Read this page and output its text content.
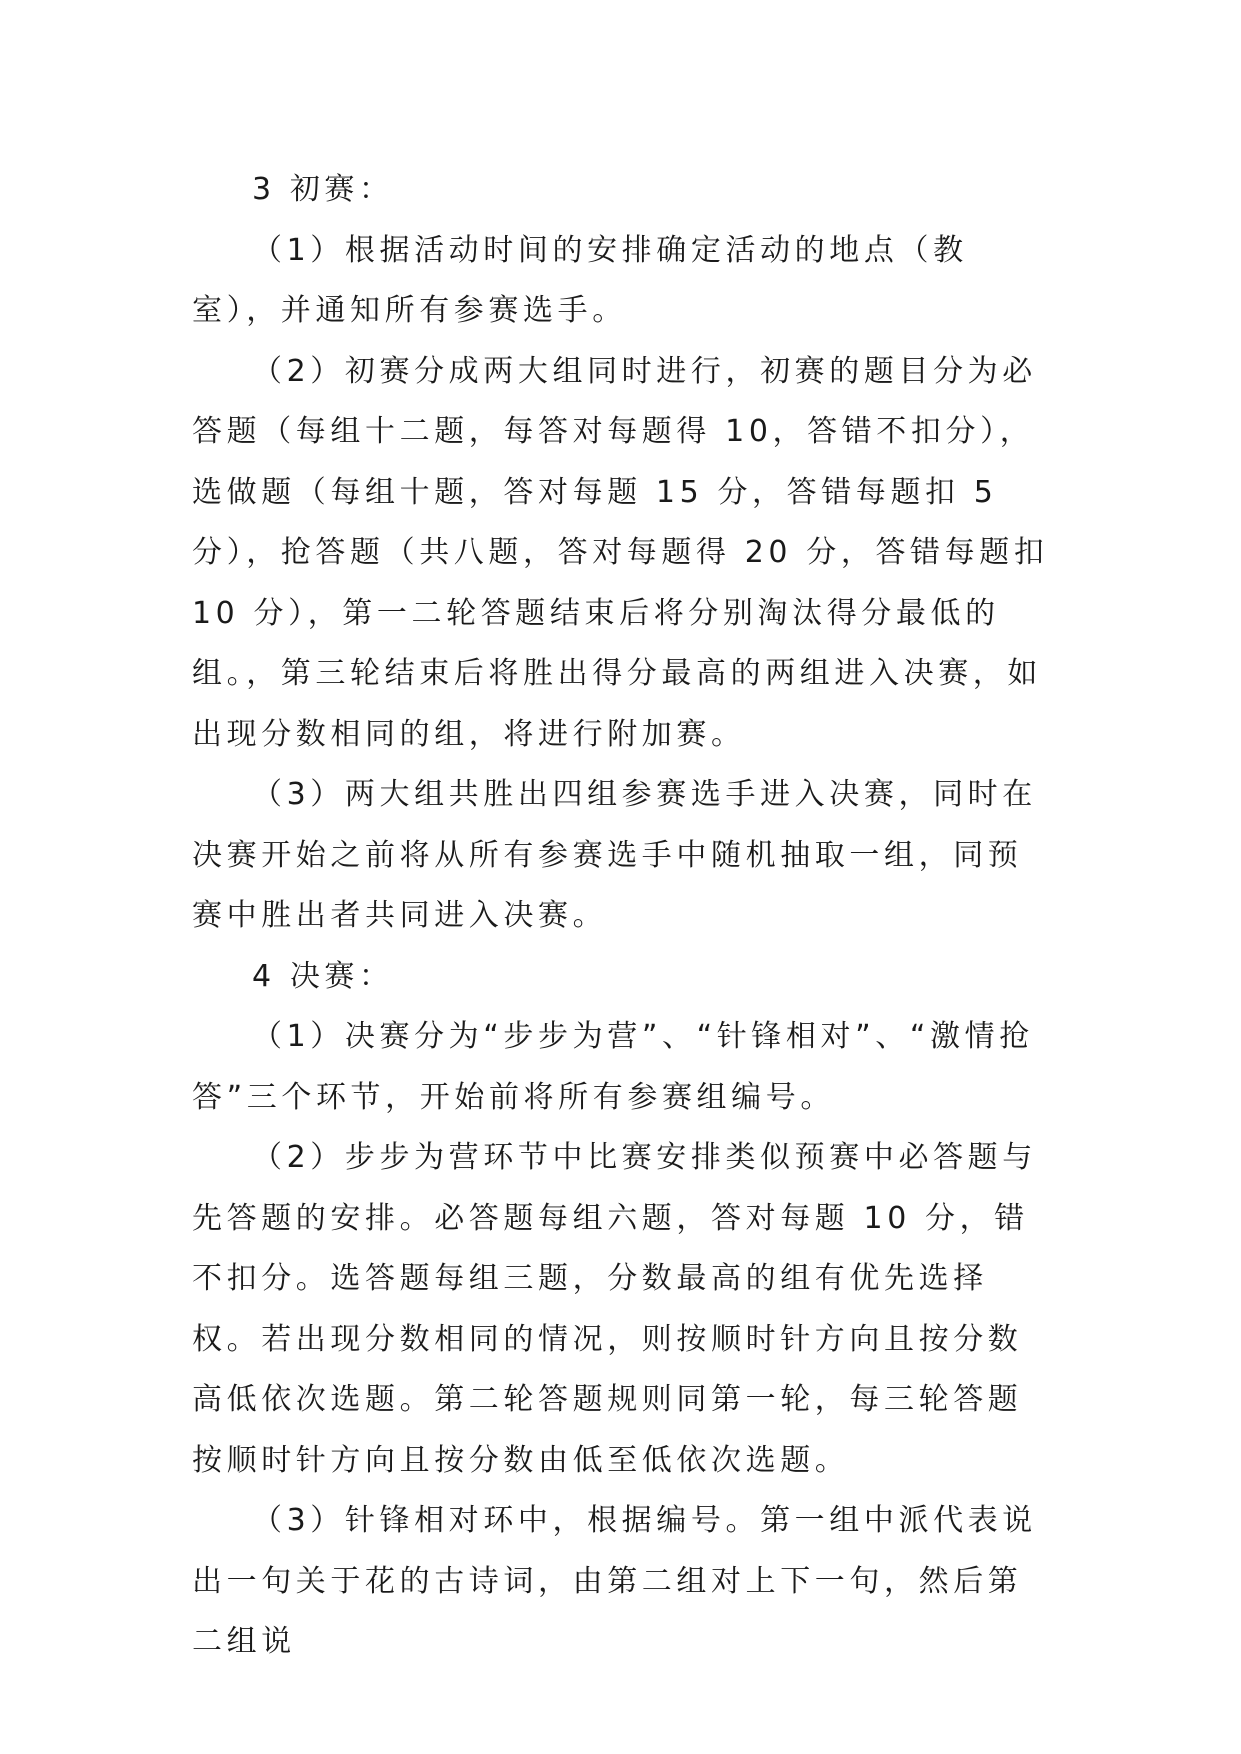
3 初赛：

（1）根据活动时间的安排确定活动的地点（教室），并通知所有参赛选手。

（2）初赛分成两大组同时进行，初赛的题目分为必答题（每组十二题，每答对每题得 10，答错不扣分），选做题（每组十题，答对每题 15 分，答错每题扣 5 分），抢答题（共八题，答对每题得 20 分，答错每题扣 10 分），第一二轮答题结束后将分别淘汰得分最低的组。，第三轮结束后将胜出得分最高的两组进入决赛，如出现分数相同的组，将进行附加赛。

（3）两大组共胜出四组参赛选手进入决赛，同时在决赛开始之前将从所有参赛选手中随机抽取一组，同预赛中胜出者共同进入决赛。

4 决赛：

（1）决赛分为“步步为营”、“针锋相对”、“激情抢答”三个环节，开始前将所有参赛组编号。

（2）步步为营环节中比赛安排类似预赛中必答题与先答题的安排。必答题每组六题，答对每题 10 分，错不扣分。选答题每组三题，分数最高的组有优先选择权。若出现分数相同的情况，则按顺时针方向且按分数高低依次选题。第二轮答题规则同第一轮，每三轮答题按顺时针方向且按分数由低至低依次选题。

（3）针锋相对环中，根据编号。第一组中派代表说出一句关于花的古诗词，由第二组对上下一句，然后第二组说
